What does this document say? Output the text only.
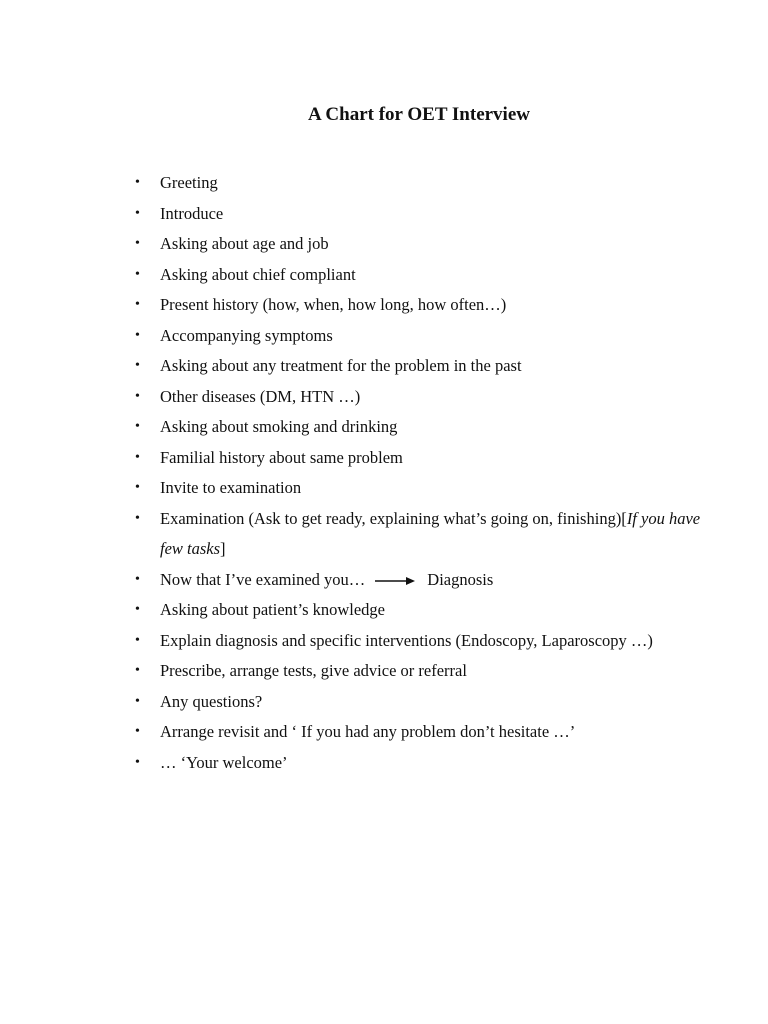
A Chart for OET Interview
• Greeting
• Introduce
• Asking about age and job
• Asking about chief compliant
• Present history (how, when, how long, how often…)
• Accompanying symptoms
• Asking about any treatment for the problem in the past
• Other diseases (DM, HTN …)
• Asking about smoking and drinking
• Familial history about same problem
• Invite to examination
• Examination (Ask to get ready, explaining what’s going on, finishing)[If you have few tasks]
• Now that I’ve examined you…	Diagnosis
• Asking about patient’s knowledge
• Explain diagnosis and specific interventions (Endoscopy, Laparoscopy …)
• Prescribe, arrange tests, give advice or referral
• Any questions?
• Arrange revisit and ‘ If you had any problem don’t hesitate …’
• … ‘Your welcome’
